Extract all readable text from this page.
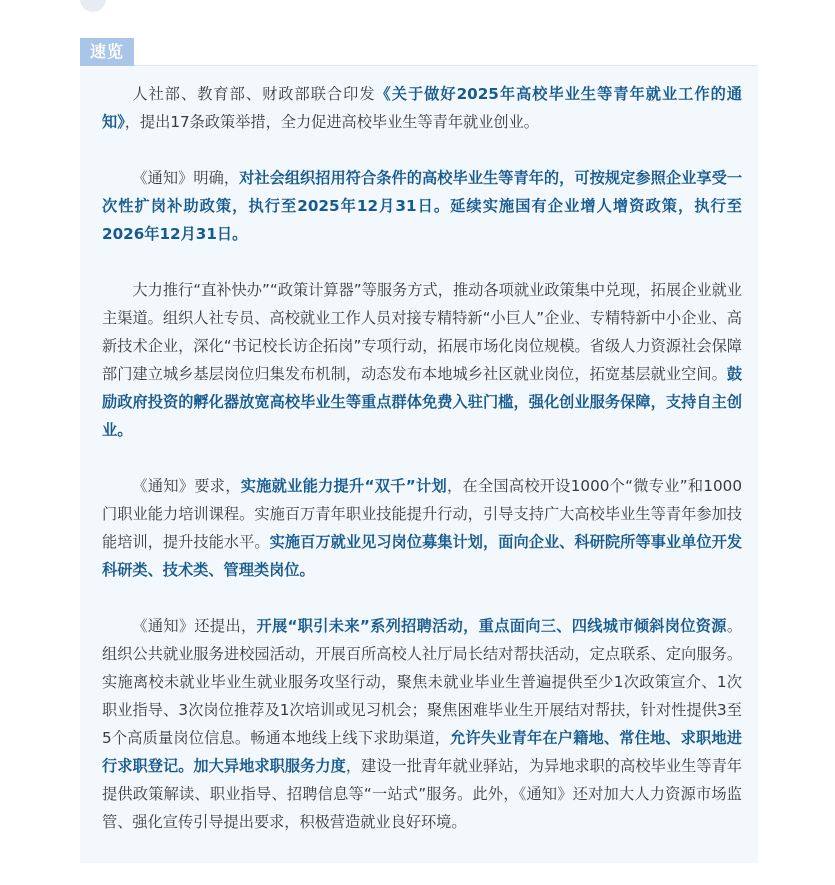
速览

人社部、教育部、财政部联合印发《关于做好2025年高校毕业生等青年就业工作的通知》，提出17条政策举措，全力促进高校毕业生等青年就业创业。

《通知》明确，对社会组织招用符合条件的高校毕业生等青年的，可按规定参照企业享受一次性扩岗补助政策，执行至2025年12月31日。延续实施国有企业增人增资政策，执行至2026年12月31日。

大力推行“直补快办”“政策计算器”等服务方式，推动各项就业政策集中兑现，拓展企业就业主渠道。组织人社专员、高校就业工作人员对接专精特新“小巨人”企业、专精特新中小企业、高新技术企业，深化“书记校长访企拓岗”专项行动，拓展市场化岗位规模。省级人力资源社会保障部门建立城乡基层岗位归集发布机制，动态发布本地城乡社区就业岗位，拓宽基层就业空间。鼓励政府投资的孵化器放宽高校毕业生等重点群体免费入驻门槛，强化创业服务保障，支持自主创业。

《通知》要求，实施就业能力提升“双千”计划，在全国高校开设1000个“微专业”和1000门职业能力培训课程。实施百万青年职业技能提升行动，引导支持广大高校毕业生等青年参加技能培训，提升技能水平。实施百万就业见习岗位募集计划，面向企业、科研院所等事业单位开发科研类、技术类、管理类岗位。

《通知》还提出，开展“职引未来”系列招聘活动，重点面向三、四线城市倾斜岗位资源。组织公共就业服务进校园活动，开展百所高校人社厅局长结对帮扶活动，定点联系、定向服务。实施离校未就业毕业生就业服务攻坚行动，聚焦未就业毕业生普遍提供至少1次政策宣介、1次职业指导、3次岗位推荐及1次培训或见习机会；聚焦困难毕业生开展结对帮扶，针对性提供3至5个高质量岗位信息。畅通本地线上线下求助渠道，允许失业青年在户籍地、常住地、求职地进行求职登记。加大异地求职服务力度，建设一批青年就业驿站，为异地求职的高校毕业生等青年提供政策解读、职业指导、招聘信息等“一站式”服务。此外，《通知》还对加大人力资源市场监管、强化宣传引导提出要求，积极营造就业良好环境。
